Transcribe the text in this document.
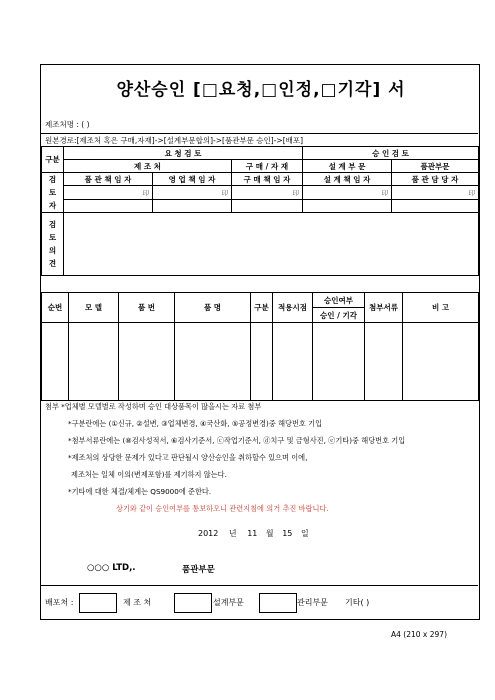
양산승인 [□요청,□인정,□기각] 서
제조처명 : ( )
원본경로:[제조처 혹은 구매,자재]->[설계부문합의]->[품관부문 승인]->[배포]
구분	요 청 검 토			승 인 검 토	
	제 조 처		구 매 / 자 재	설 계 부 문	품관부문
검
토
자	품 관 책 임 자	영 업 책 임 자	구 매 책 임 자	설 계 책 임 자	품 관 담 당 자
	印	印	印	印	印

검
토
의
견					
순번	모 델	품 번	품 명	구분	적용시점	승인여부	첨부서류	비 고
						승인 / 기각		

첨부 *업체별 모델별로 작성하며 승인 대상품목이 많을시는 자료 첨부
*구분란에는 (①신규, ②설변, ③업체변경, ④국산화, ⑤공정변경)중 해당번호 기입
*첨부서류란에는 (⑧검사성적서, ⑥검사기준서, ⓒ작업기준서, ⓓ치구 및 금형사진, ⓔ기타)중 해당번호 기입
*제조처의 상당한 문제가 있다고 판단될시 양산승인을 취하할수 있으며 이에,
제조처는 일체 이의(변제포함)를 제기하지 않는다.
*기타에 대한 체결/체계는 QS9000에 준한다.
상기와 같이 승인여부를 통보하오니 관련지침에 의거 추진 바랍니다.
2012 년 11 월 15 일
○○○ LTD,.	품관부문
배포처 :	제 조 처	설계부문	관리부문 기타( )
A4 (210 x 297)
